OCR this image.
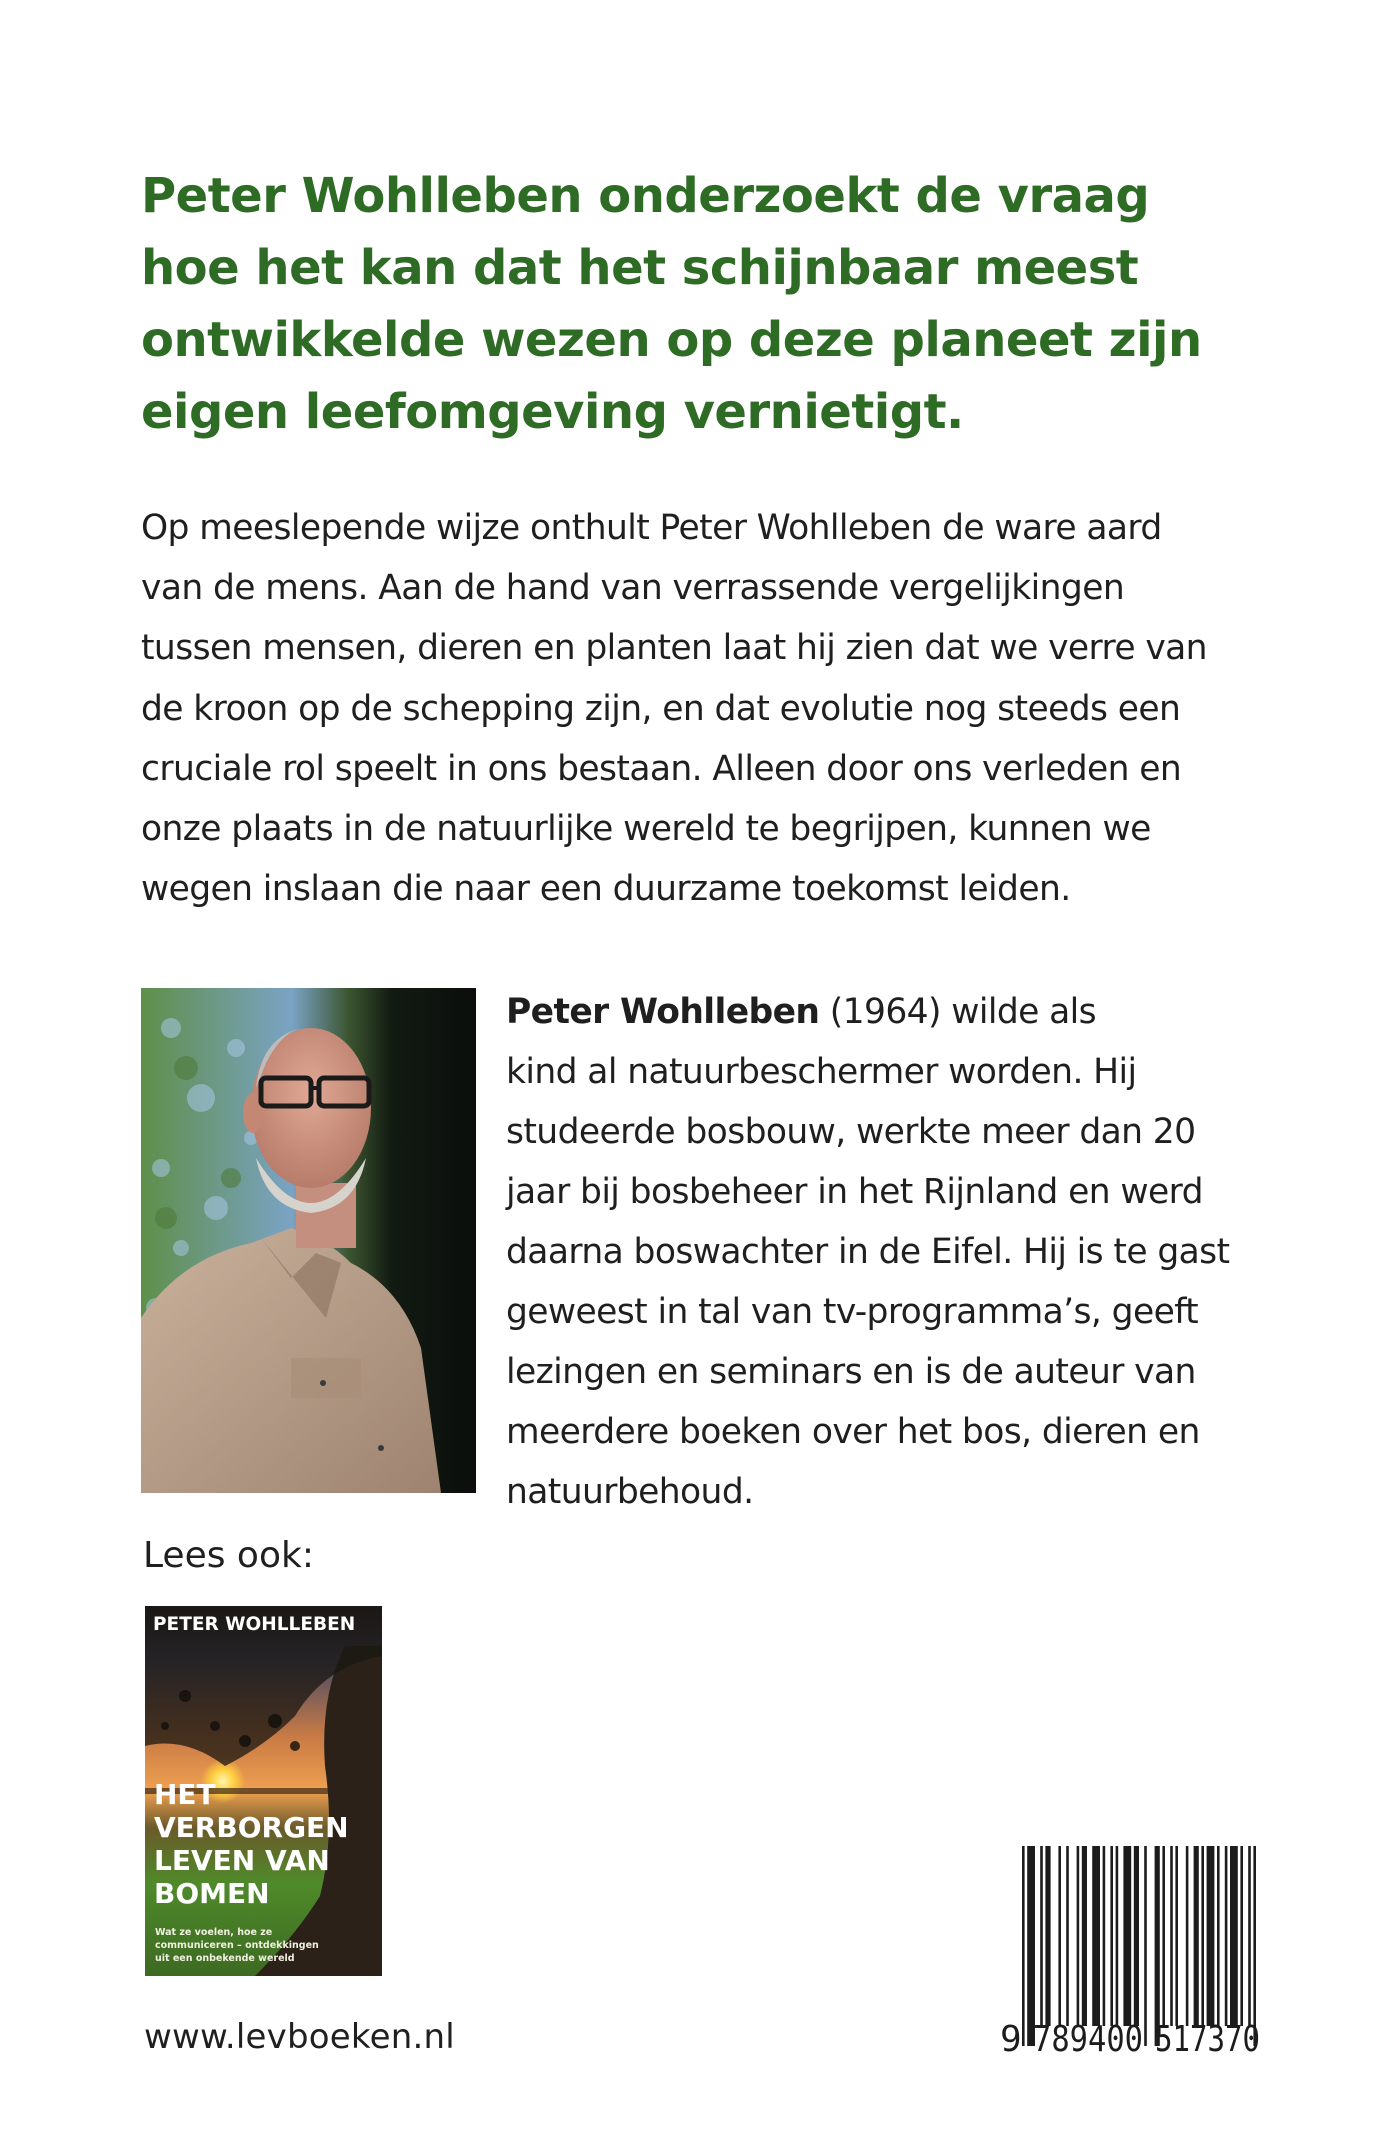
Peter Wohlleben onderzoekt de vraag
hoe het kan dat het schijnbaar meest
ontwikkelde wezen op deze planeet zijn
eigen leefomgeving vernietigt.
Op meeslepende wijze onthult Peter Wohlleben de ware aard
van de mens. Aan de hand van verrassende vergelijkingen
tussen mensen, dieren en planten laat hij zien dat we verre van
de kroon op de schepping zijn, en dat evolutie nog steeds een
cruciale rol speelt in ons bestaan. Alleen door ons verleden en
onze plaats in de natuurlijke wereld te begrijpen, kunnen we
wegen inslaan die naar een duurzame toekomst leiden.
Peter Wohlleben (1964) wilde als
kind al natuurbeschermer worden. Hij
studeerde bosbouw, werkte meer dan 20
jaar bij bosbeheer in het Rijnland en werd
daarna boswachter in de Eifel. Hij is te gast
geweest in tal van tv-programma’s, geeft
lezingen en seminars en is de auteur van
meerdere boeken over het bos, dieren en
natuurbehoud.
Lees ook:
PETER WOHLLEBEN
HET
VERBORGEN
LEVEN VAN
BOMEN
Wat ze voelen, hoe ze
communiceren – ontdekkingen
uit een onbekende wereld
www.levboeken.nl	9 789400 517370
